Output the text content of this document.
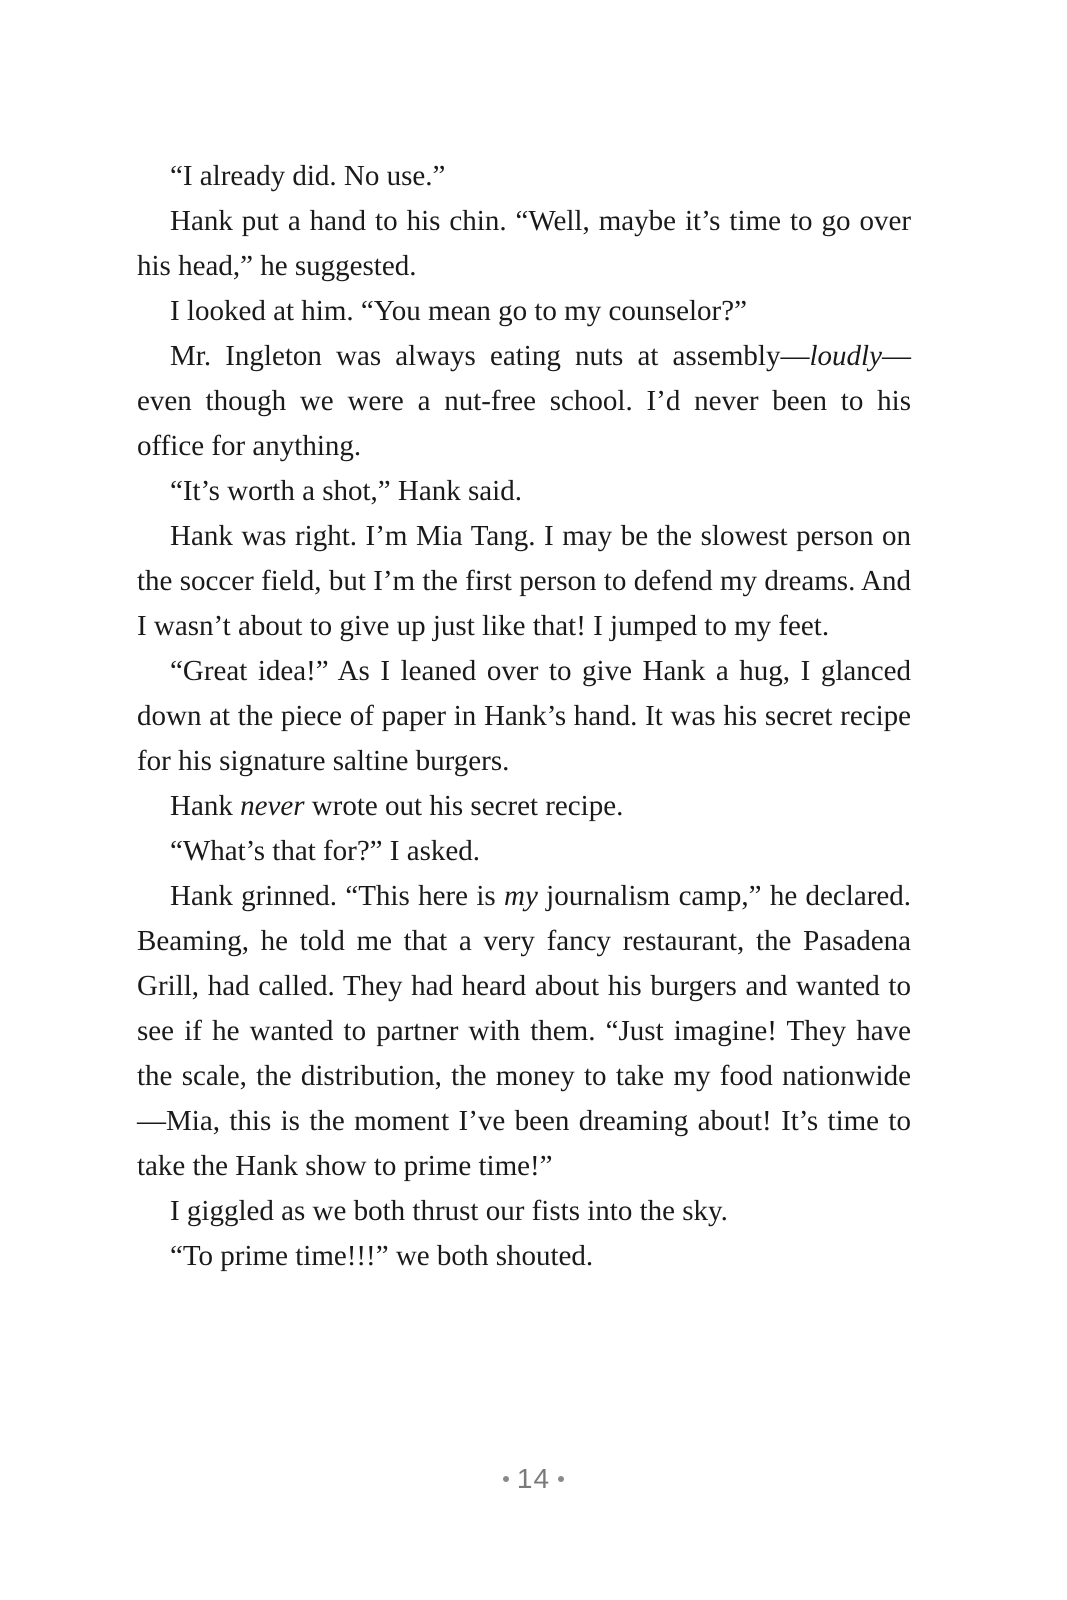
“I already did. No use.”

Hank put a hand to his chin. “Well, maybe it’s time to go over his head,” he suggested.

I looked at him. “You mean go to my counselor?”

Mr. Ingleton was always eating nuts at assembly—loudly—even though we were a nut-free school. I’d never been to his office for anything.

“It’s worth a shot,” Hank said.

Hank was right. I’m Mia Tang. I may be the slowest person on the soccer field, but I’m the first person to defend my dreams. And I wasn’t about to give up just like that! I jumped to my feet.

“Great idea!” As I leaned over to give Hank a hug, I glanced down at the piece of paper in Hank’s hand. It was his secret recipe for his signature saltine burgers.

Hank never wrote out his secret recipe.

“What’s that for?” I asked.

Hank grinned. “This here is my journalism camp,” he declared. Beaming, he told me that a very fancy restaurant, the Pasadena Grill, had called. They had heard about his burgers and wanted to see if he wanted to partner with them. “Just imagine! They have the scale, the distribution, the money to take my food nationwide—Mia, this is the moment I’ve been dreaming about! It’s time to take the Hank show to prime time!”

I giggled as we both thrust our fists into the sky.

“To prime time!!!” we both shouted.

14
